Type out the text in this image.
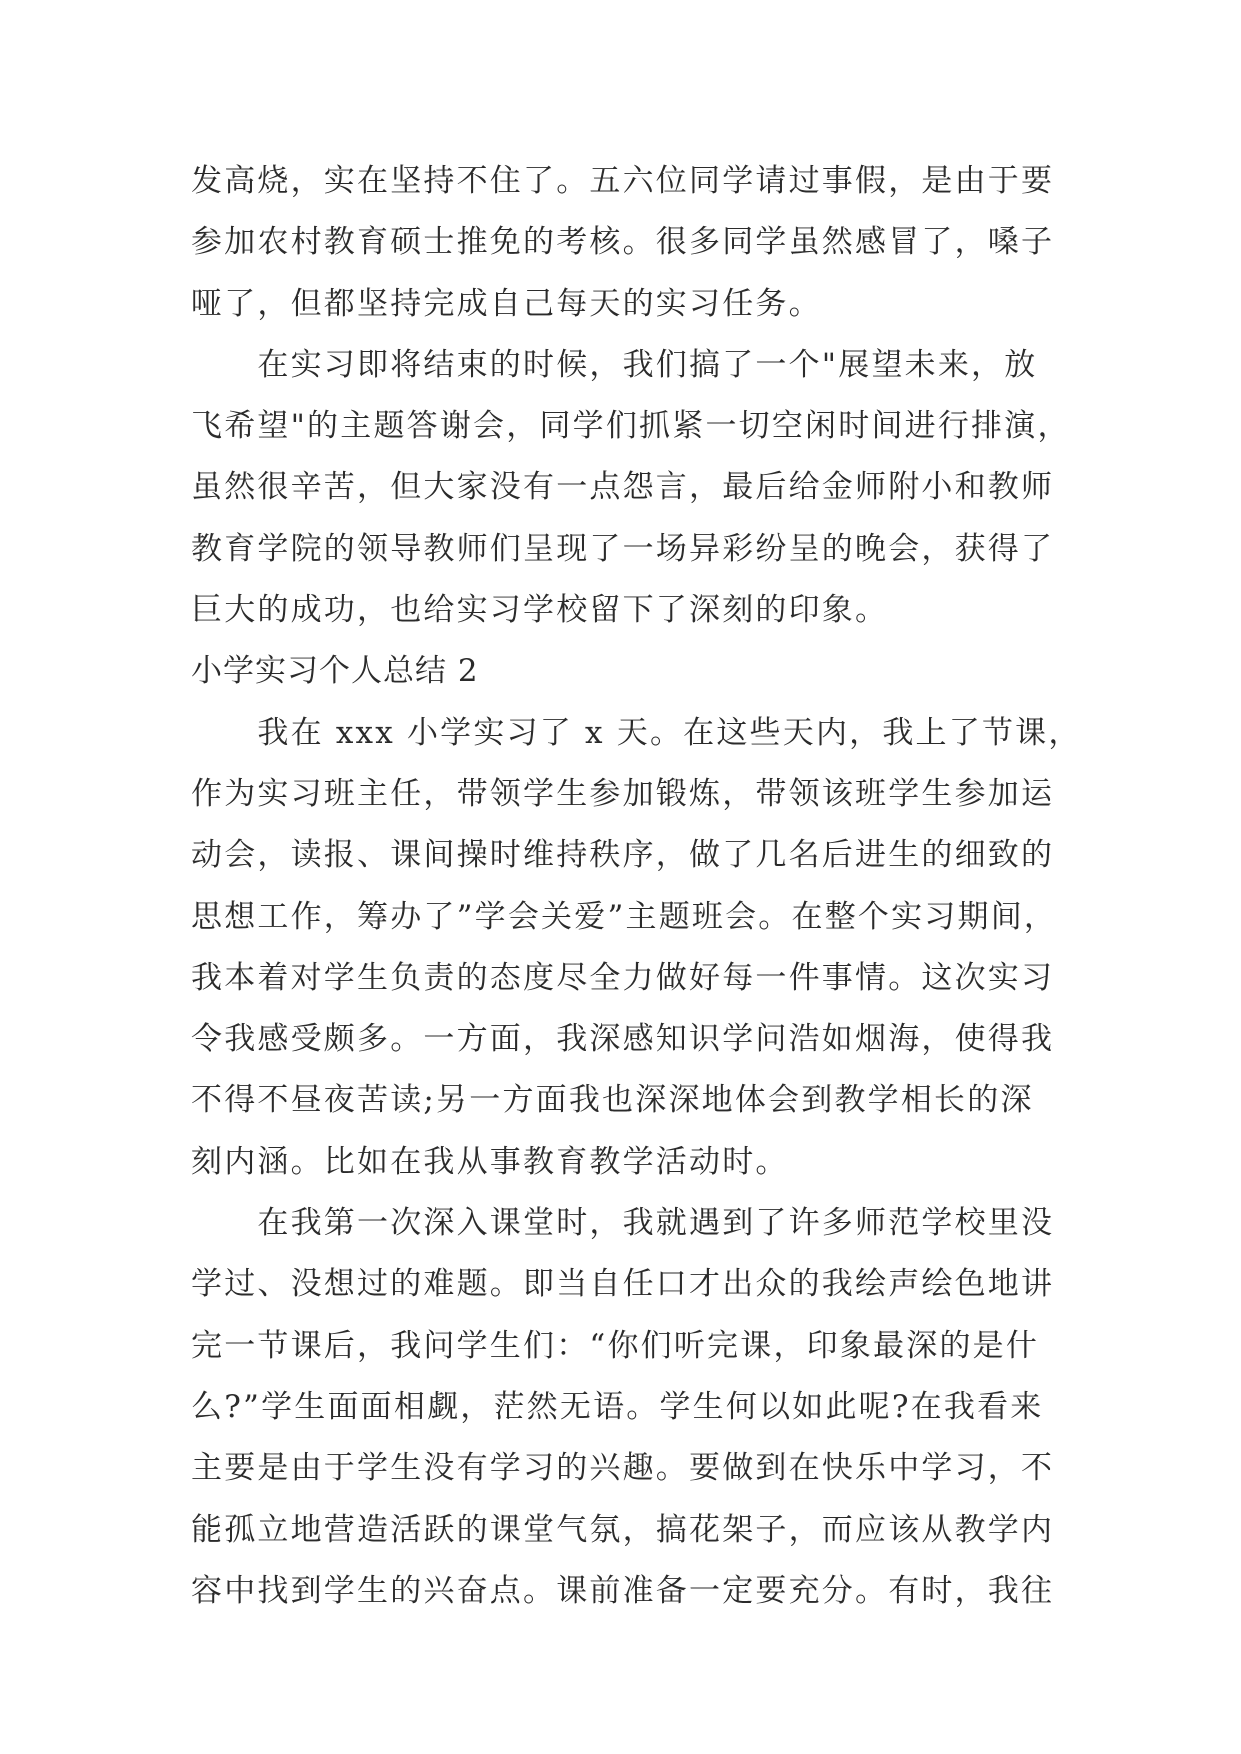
发高烧，实在坚持不住了。五六位同学请过事假，是由于要
参加农村教育硕士推免的考核。很多同学虽然感冒了，嗓子
哑了，但都坚持完成自己每天的实习任务。
　　在实习即将结束的时候，我们搞了一个"展望未来，放
飞希望"的主题答谢会，同学们抓紧一切空闲时间进行排演，
虽然很辛苦，但大家没有一点怨言，最后给金师附小和教师
教育学院的领导教师们呈现了一场异彩纷呈的晚会，获得了
巨大的成功，也给实习学校留下了深刻的印象。
小学实习个人总结 2
　　我在 xxx 小学实习了 x 天。在这些天内，我上了节课，
作为实习班主任，带领学生参加锻炼，带领该班学生参加运
动会，读报、课间操时维持秩序，做了几名后进生的细致的
思想工作，筹办了”学会关爱”主题班会。在整个实习期间，
我本着对学生负责的态度尽全力做好每一件事情。这次实习
令我感受颇多。一方面，我深感知识学问浩如烟海，使得我
不得不昼夜苦读;另一方面我也深深地体会到教学相长的深
刻内涵。比如在我从事教育教学活动时。
　　在我第一次深入课堂时，我就遇到了许多师范学校里没
学过、没想过的难题。即当自任口才出众的我绘声绘色地讲
完一节课后，我问学生们：“你们听完课，印象最深的是什
么?”学生面面相觑，茫然无语。学生何以如此呢?在我看来
主要是由于学生没有学习的兴趣。要做到在快乐中学习，不
能孤立地营造活跃的课堂气氛，搞花架子，而应该从教学内
容中找到学生的兴奋点。课前准备一定要充分。有时，我往
